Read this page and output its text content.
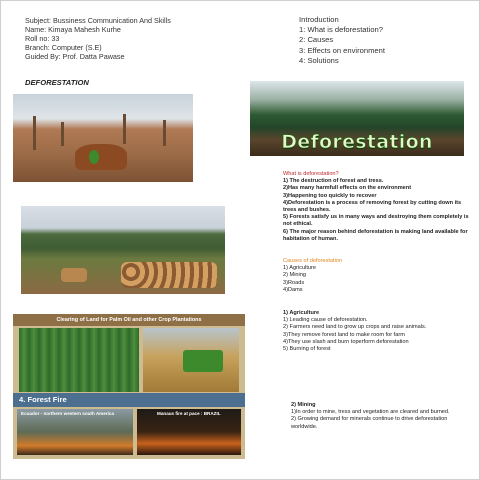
Subject: Bussiness Communication And Skills
Name: Kimaya Mahesh Kurhe
Roll no: 33
Branch: Computer (S.E)
Guided By: Prof. Datta Pawase
Introduction
1: What is deforestation?
2: Causes
3: Effects on environment
4: Solutions
DEFORESTATION
Deforestation
Clearing of Land for Palm Oil and other Crop Plantations
4. Forest Fire
Ecuador - northern western south America	Manaus fire at pace : BRAZIL
What is deforestation?
1) The destruction of forest and tress.
2)Has many harmfull effects on the environment
3)Happening too quickly to recover
4)Deforestation is a process of removing forest by cutting down its trees and bushes.
5) Forests satisfy us in many ways and destroying them completely is not ethical.
6) The major reason behind deforestation is making land available for habitation of human.
Causes of deforestation
1) Agriculture
2) Mining
3)Roads
4)Dams
1) Agriculture
1) Leading cause of deforestation.
2) Farmers need land to grow up crops and raise animals.
3)They remove forest land to make room for farm
4)They use slash and burn toperform deforestation
5) Burning of forest
2) Mining
1)In order to mine, tress and vegetation are cleared and burned.
2) Growing demand for minerals continue to drive deforestation worldwide.
